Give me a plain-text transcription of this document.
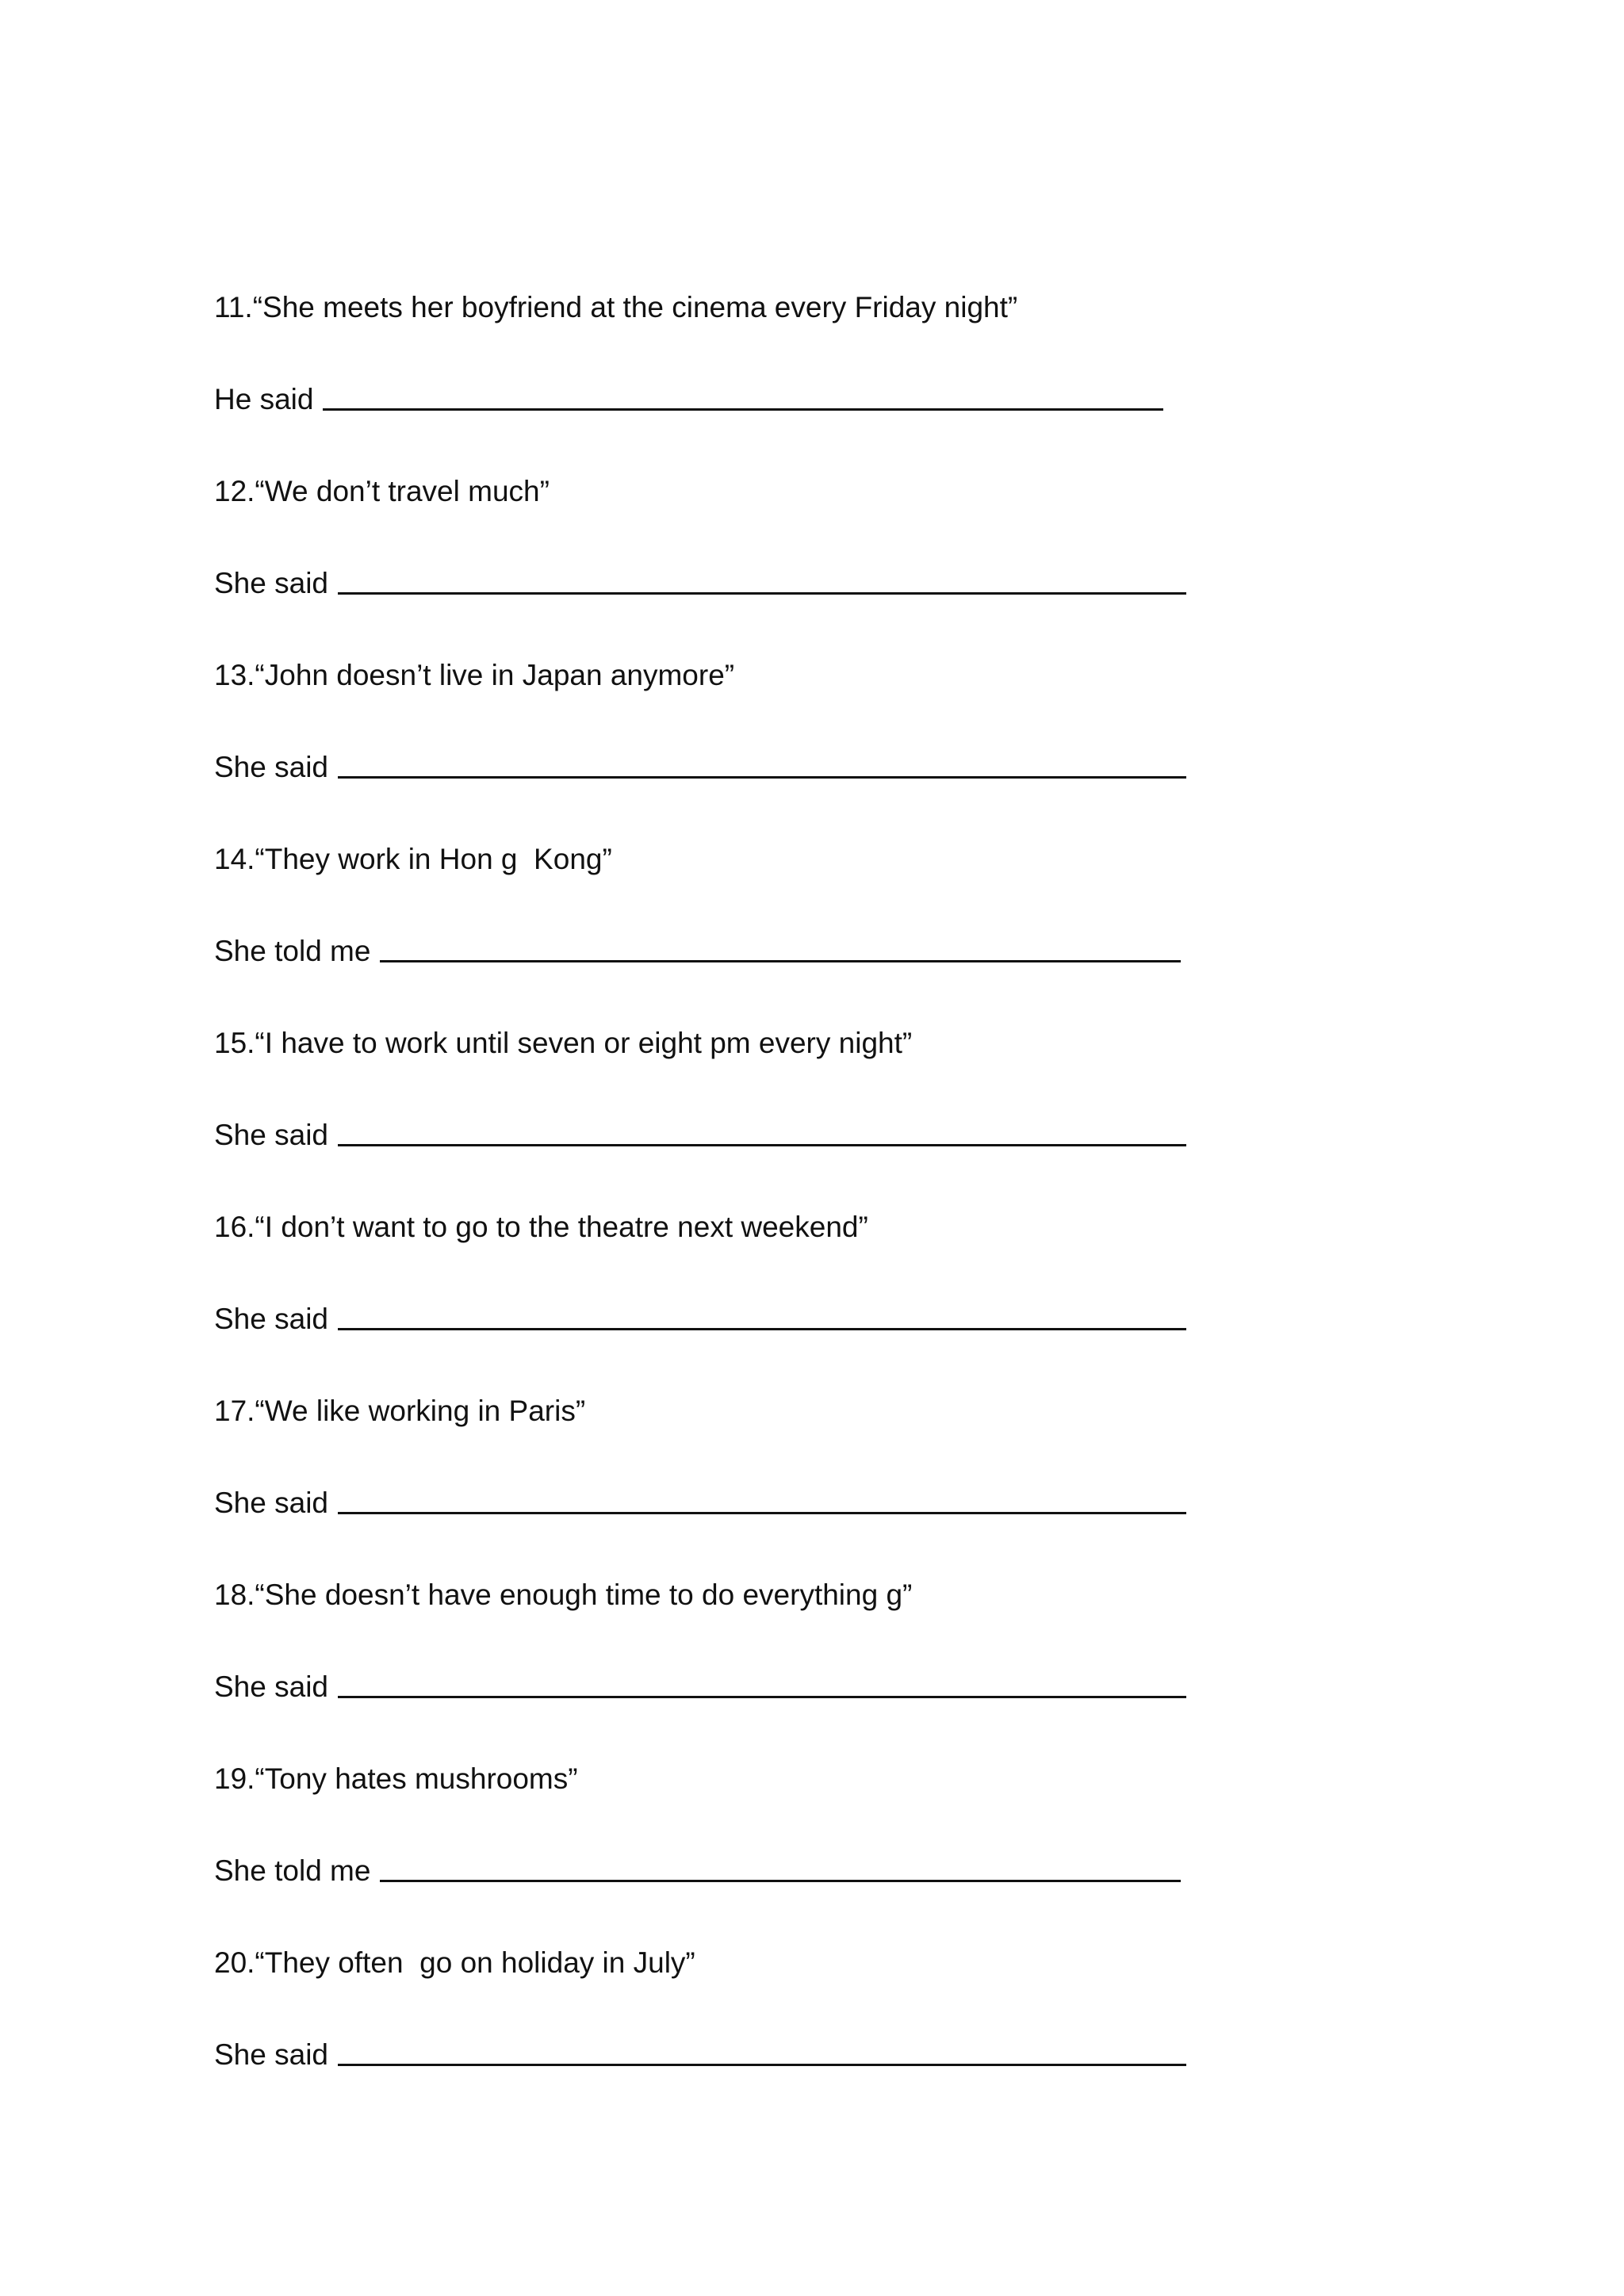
11.“She meets her boyfriend at the cinema every Friday night”

He said

12.“We don’t travel much”

She said

13.“John doesn’t live in Japan anymore”

She said

14.“They work in Hon g  Kong”

She told me

15.“I have to work until seven or eight pm every night”

She said

16.“I don’t want to go to the theatre next weekend”

She said

17.“We like working in Paris”

She said

18.“She doesn’t have enough time to do everything g”

She said

19.“Tony hates mushrooms”

She told me

20.“They often  go on holiday in July”

She said
